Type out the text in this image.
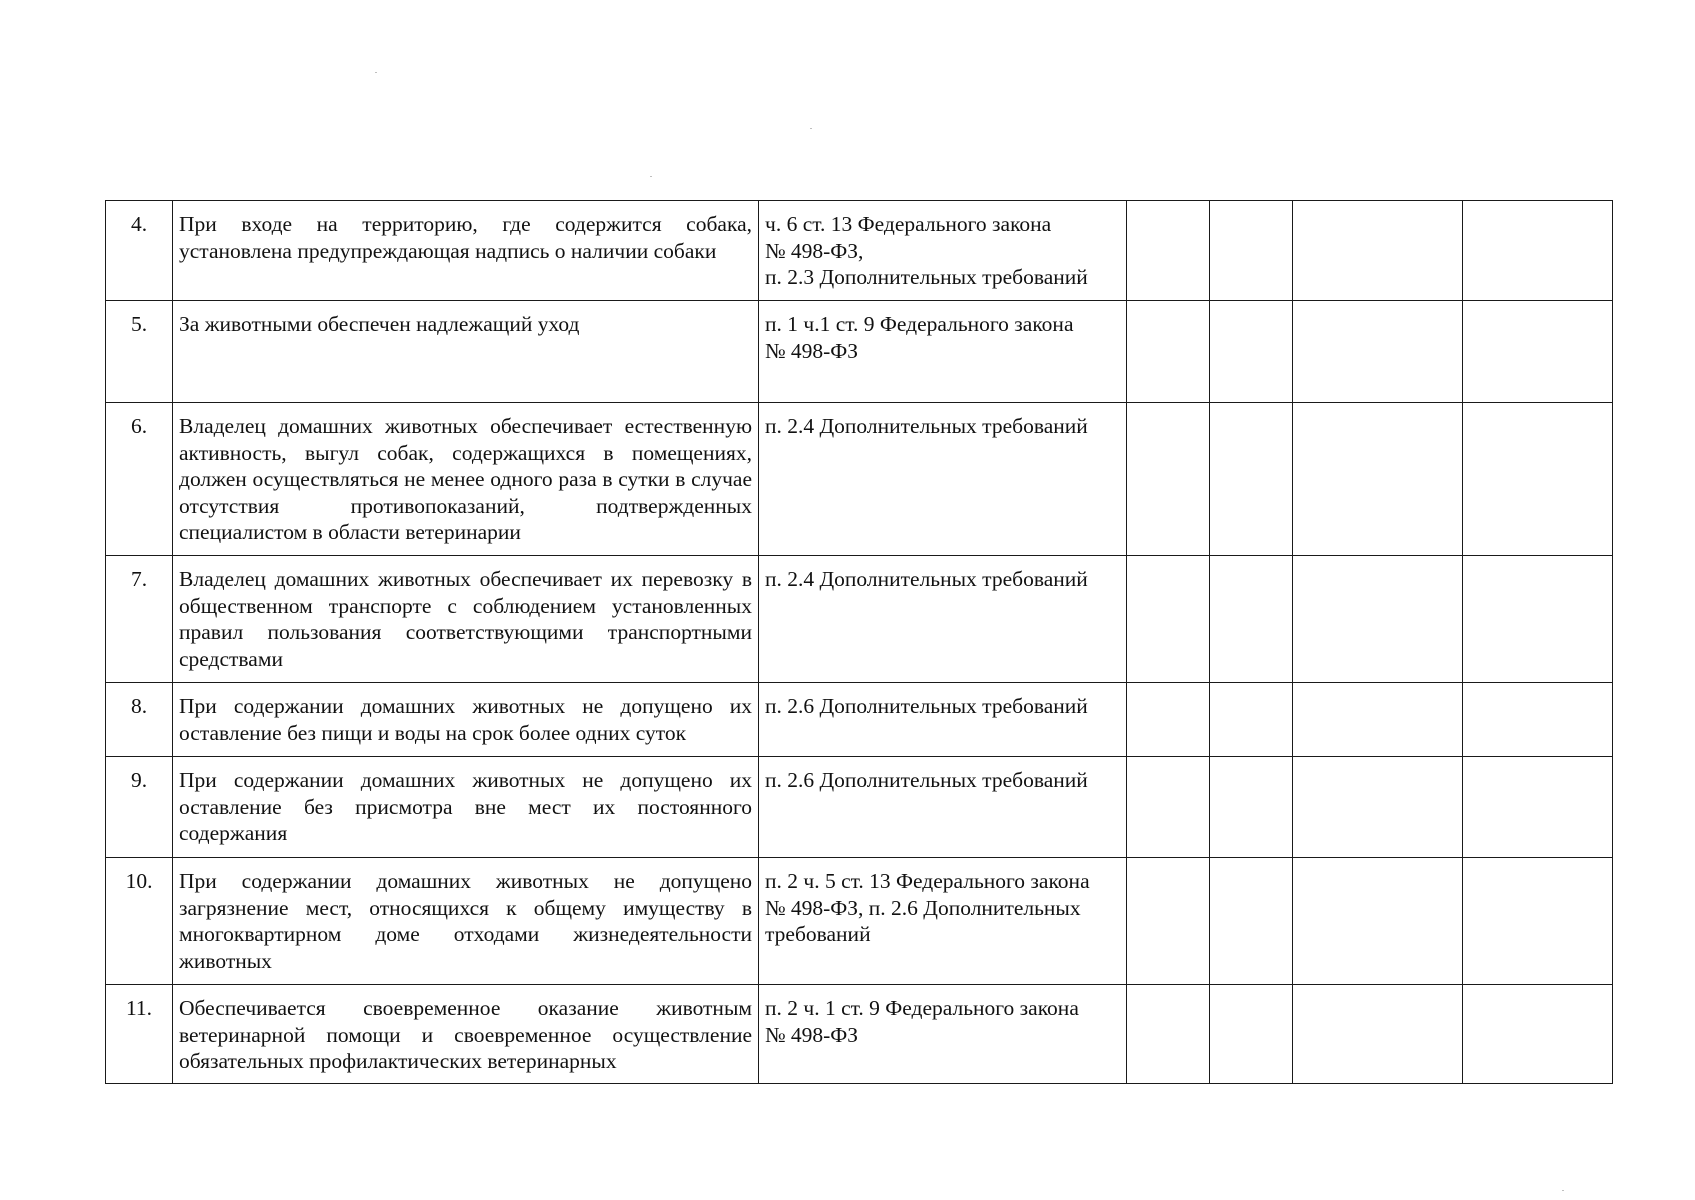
4.	При входе на территорию, где содержится собака, установлена предупреждающая надпись о наличии собаки	ч. 6 ст. 13 Федерального закона
№ 498-ФЗ,
п. 2.3 Дополнительных требований				

5.	За животными обеспечен надлежащий уход	п. 1 ч.1 ст. 9 Федерального закона
№ 498-ФЗ				

6.	Владелец домашних животных обеспечивает естественную активность, выгул собак, содержащихся в помещениях, должен осуществляться не менее одного раза в сутки в случае отсутствия противопоказаний, подтвержденных специалистом в области ветеринарии	п. 2.4 Дополнительных требований				

7.	Владелец домашних животных обеспечивает их перевозку в общественном транспорте с соблюдением установленных правил пользования соответствующими транспортными средствами	п. 2.4 Дополнительных требований				

8.	При содержании домашних животных не допущено их оставление без пищи и воды на срок более одних суток	п. 2.6 Дополнительных требований				

9.	При содержании домашних животных не допущено их оставление без присмотра вне мест их постоянного содержания	п. 2.6 Дополнительных требований				

10.	При содержании домашних животных не допущено загрязнение мест, относящихся к общему имуществу в многоквартирном доме отходами жизнедеятельности животных	п. 2 ч. 5 ст. 13 Федерального закона
№ 498-ФЗ, п. 2.6 Дополнительных
требований				

11.	Обеспечивается своевременное оказание животным ветеринарной помощи и своевременное осуществление обязательных профилактических ветеринарных	п. 2 ч. 1 ст. 9 Федерального закона
№ 498-ФЗ				
